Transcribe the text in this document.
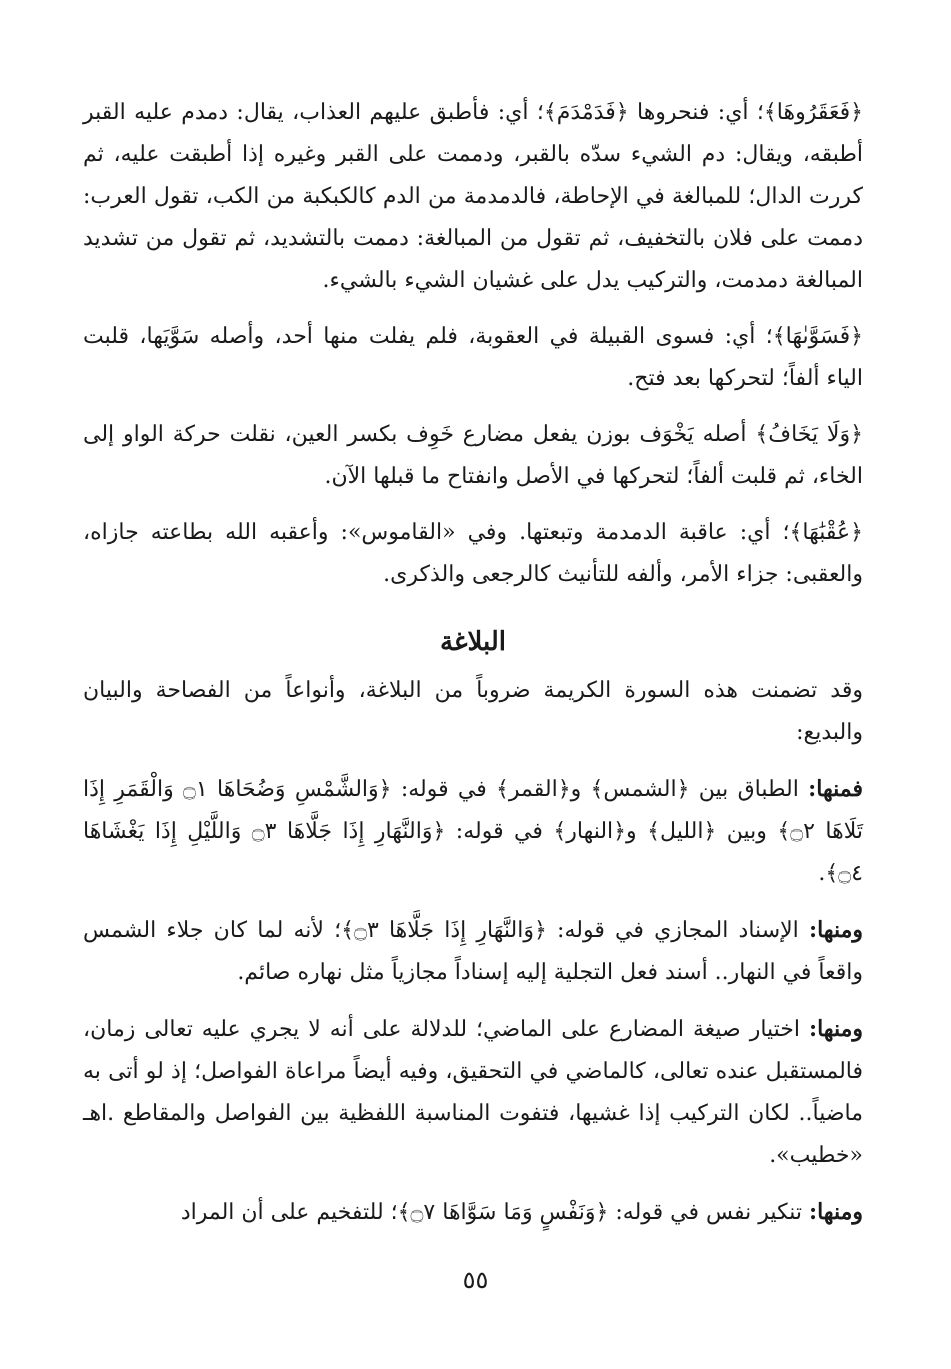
﴿فَعَقَرُوهَا﴾؛ أي: فنحروها ﴿فَدَمْدَمَ﴾؛ أي: فأطبق عليهم العذاب، يقال: دمدم عليه القبر أطبقه، ويقال: دم الشيء سدّه بالقبر، ودممت على القبر وغيره إذا أطبقت عليه، ثم كررت الدال؛ للمبالغة في الإحاطة، فالدمدمة من الدم كالكبكبة من الكب، تقول العرب: دممت على فلان بالتخفيف، ثم تقول من المبالغة: دممت بالتشديد، ثم تقول من تشديد المبالغة دمدمت، والتركيب يدل على غشيان الشيء بالشيء.

﴿فَسَوَّىٰهَا﴾؛ أي: فسوى القبيلة في العقوبة، فلم يفلت منها أحد، وأصله سَوَّيَها، قلبت الياء ألفاً؛ لتحركها بعد فتح.

﴿وَلَا يَخَافُ﴾ أصله يَخْوَف بوزن يفعل مضارع خَوِف بكسر العين، نقلت حركة الواو إلى الخاء، ثم قلبت ألفاً؛ لتحركها في الأصل وانفتاح ما قبلها الآن.

﴿عُقْبَٰهَا﴾؛ أي: عاقبة الدمدمة وتبعتها. وفي «القاموس»: وأعقبه الله بطاعته جازاه، والعقبى: جزاء الأمر، وألفه للتأنيث كالرجعى والذكرى.

البلاغة

وقد تضمنت هذه السورة الكريمة ضروباً من البلاغة، وأنواعاً من الفصاحة والبيان والبديع:

فمنها: الطباق بين ﴿الشمس﴾ و﴿القمر﴾ في قوله: ﴿وَالشَّمْسِ وَضُحَاهَا ۝١ وَالْقَمَرِ إِذَا تَلَاهَا ۝٢﴾ وبين ﴿الليل﴾ و﴿النهار﴾ في قوله: ﴿وَالنَّهَارِ إِذَا جَلَّاهَا ۝٣ وَاللَّيْلِ إِذَا يَغْشَاهَا ۝٤﴾.

ومنها: الإسناد المجازي في قوله: ﴿وَالنَّهَارِ إِذَا جَلَّاهَا ۝٣﴾؛ لأنه لما كان جلاء الشمس واقعاً في النهار.. أسند فعل التجلية إليه إسناداً مجازياً مثل نهاره صائم.

ومنها: اختيار صيغة المضارع على الماضي؛ للدلالة على أنه لا يجري عليه تعالى زمان، فالمستقبل عنده تعالى، كالماضي في التحقيق، وفيه أيضاً مراعاة الفواصل؛ إذ لو أتى به ماضياً.. لكان التركيب إذا غشيها، فتفوت المناسبة اللفظية بين الفواصل والمقاطع .اهـ «خطيب».

ومنها: تنكير نفس في قوله: ﴿وَنَفْسٍ وَمَا سَوَّاهَا ۝٧﴾؛ للتفخيم على أن المراد

٥٥
